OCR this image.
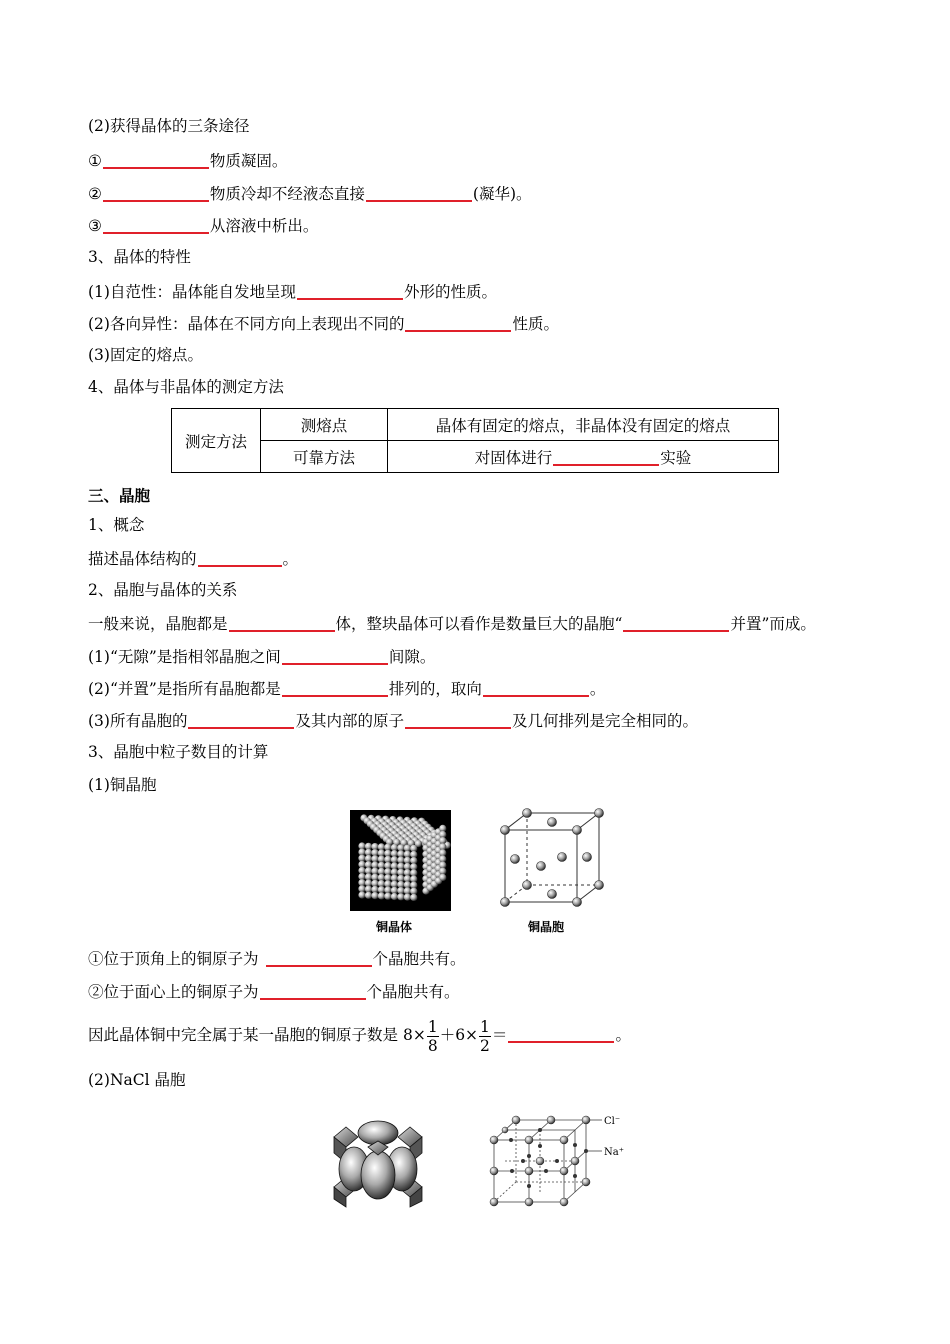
(2)获得晶体的三条途径
①	物质凝固。
②	物质冷却不经液态直接	(凝华)。
③	从溶液中析出。
3、晶体的特性
(1)自范性：晶体能自发地呈现	外形的性质。
(2)各向异性：晶体在不同方向上表现出不同的	性质。
(3)固定的熔点。
4、晶体与非晶体的测定方法
测定方法	测熔点	晶体有固定的熔点，非晶体没有固定的熔点
	可靠方法	对固体进行 实验
三、晶胞
1、概念
描述晶体结构的	。
2、晶胞与晶体的关系
一般来说，晶胞都是	体，整块晶体可以看作是数量巨大的晶胞“	并置”而成。
(1)“无隙”是指相邻晶胞之间	间隙。
(2)“并置”是指所有晶胞都是	排列的，取向	。
(3)所有晶胞的	及其内部的原子	及几何排列是完全相同的。
3、晶胞中粒子数目的计算
(1)铜晶胞
铜晶体	铜晶胞
①位于顶角上的铜原子为	个晶胞共有。
②位于面心上的铜原子为	个晶胞共有。
因此晶体铜中完全属于某一晶胞的铜原子数是 $8\times \frac{1}{8} +6\times \frac{1}{2}$ ＝	。
(2)NaCl 晶胞
Cl⁻
Na⁺
